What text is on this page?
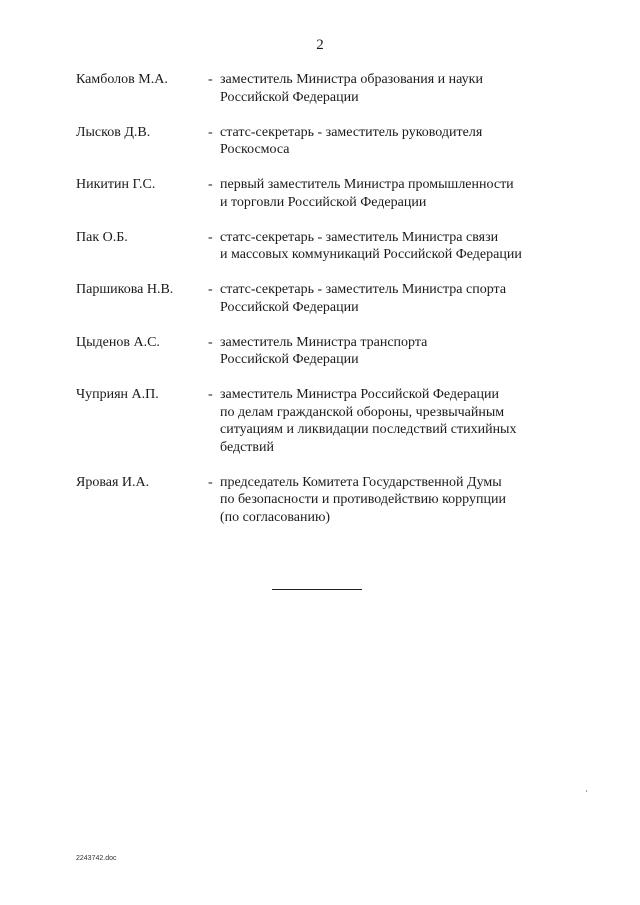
2
Камболов М.А.	- заместитель Министра образования и науки
Российской Федерации
Лысков Д.В.	- статс-секретарь - заместитель руководителя
Роскосмоса
Никитин Г.С.	- первый заместитель Министра промышленности
и торговли Российской Федерации
Пак О.Б.	- статс-секретарь - заместитель Министра связи
и массовых коммуникаций Российской Федерации
Паршикова Н.В.	- статс-секретарь - заместитель Министра спорта
Российской Федерации
Цыденов А.С.	- заместитель Министра транспорта
Российской Федерации
Чуприян А.П.	- заместитель Министра Российской Федерации
по делам гражданской обороны, чрезвычайным
ситуациям и ликвидации последствий стихийных
бедствий
Яровая И.А.	- председатель Комитета Государственной Думы
по безопасности и противодействию коррупции
(по согласованию)
2243742.doc
